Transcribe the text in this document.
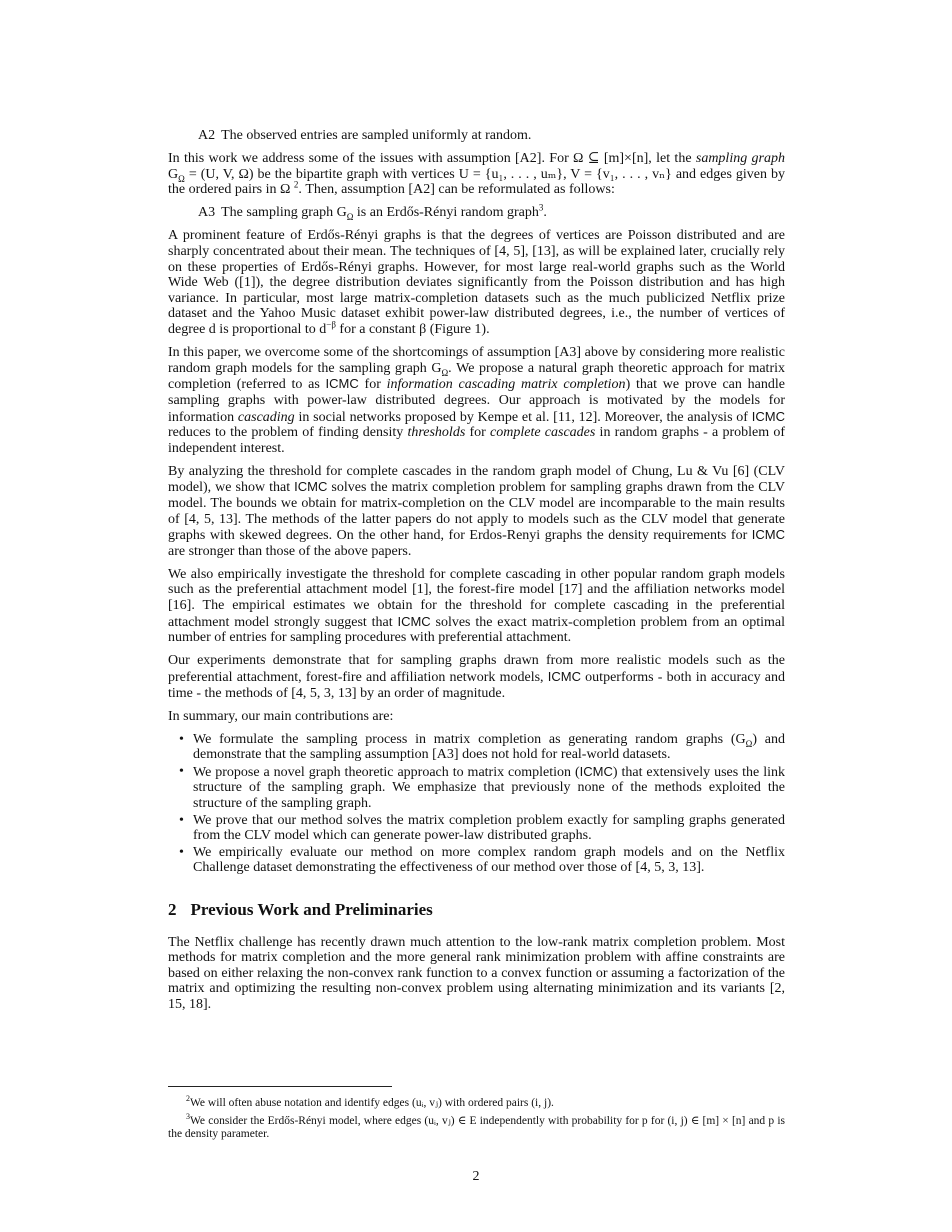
A2 The observed entries are sampled uniformly at random.

In this work we address some of the issues with assumption [A2]. For Ω ⊆ [m]×[n], let the sampling graph $G_\Omega = (U$, V, Ω) be the bipartite graph with vertices U = {u₁, . . . , uₘ}, V = {v₁, . . . , vₙ} and edges given by the ordered pairs in Ω $^2$. Then, assumption [A2] can be reformulated as follows:

A3 The sampling graph $G_\Omega$ is an Erdős-Rényi random graph$^3$.

A prominent feature of Erdős-Rényi graphs is that the degrees of vertices are Poisson distributed and are sharply concentrated about their mean. The techniques of [4, 5], [13], as will be explained later, crucially rely on these properties of Erdős-Rényi graphs. However, for most large real-world graphs such as the World Wide Web ([1]), the degree distribution deviates significantly from the Poisson distribution and has high variance. In particular, most large matrix-completion datasets such as the much publicized Netflix prize dataset and the Yahoo Music dataset exhibit power-law distributed degrees, i.e., the number of vertices of degree d is proportional to $d^{-\beta}$ for a constant β (Figure 1).

In this paper, we overcome some of the shortcomings of assumption [A3] above by considering more realistic random graph models for the sampling graph $G_\Omega$. We propose a natural graph theoretic approach for matrix completion (referred to as ICMC for information cascading matrix completion) that we prove can handle sampling graphs with power-law distributed degrees. Our approach is motivated by the models for information cascading in social networks proposed by Kempe et al. [11, 12]. Moreover, the analysis of ICMC reduces to the problem of finding density thresholds for complete cascades in random graphs - a problem of independent interest.

By analyzing the threshold for complete cascades in the random graph model of Chung, Lu & Vu [6] (CLV model), we show that ICMC solves the matrix completion problem for sampling graphs drawn from the CLV model. The bounds we obtain for matrix-completion on the CLV model are incomparable to the main results of [4, 5, 13]. The methods of the latter papers do not apply to models such as the CLV model that generate graphs with skewed degrees. On the other hand, for Erdos-Renyi graphs the density requirements for ICMC are stronger than those of the above papers.

We also empirically investigate the threshold for complete cascading in other popular random graph models such as the preferential attachment model [1], the forest-fire model [17] and the affiliation networks model [16]. The empirical estimates we obtain for the threshold for complete cascading in the preferential attachment model strongly suggest that ICMC solves the exact matrix-completion problem from an optimal number of entries for sampling procedures with preferential attachment.

Our experiments demonstrate that for sampling graphs drawn from more realistic models such as the preferential attachment, forest-fire and affiliation network models, ICMC outperforms - both in accuracy and time - the methods of [4, 5, 3, 13] by an order of magnitude.

In summary, our main contributions are:

• We formulate the sampling process in matrix completion as generating random graphs $(G_\Omega)$ and demonstrate that the sampling assumption [A3] does not hold for real-world datasets.
• We propose a novel graph theoretic approach to matrix completion (ICMC) that extensively uses the link structure of the sampling graph. We emphasize that previously none of the methods exploited the structure of the sampling graph.
• We prove that our method solves the matrix completion problem exactly for sampling graphs generated from the CLV model which can generate power-law distributed graphs.
• We empirically evaluate our method on more complex random graph models and on the Netflix Challenge dataset demonstrating the effectiveness of our method over those of [4, 5, 3, 13].
2 Previous Work and Preliminaries

The Netflix challenge has recently drawn much attention to the low-rank matrix completion problem. Most methods for matrix completion and the more general rank minimization problem with affine constraints are based on either relaxing the non-convex rank function to a convex function or assuming a factorization of the matrix and optimizing the resulting non-convex problem using alternating minimization and its variants [2, 15, 18].

$^2$We will often abuse notation and identify edges (uᵢ, vⱼ) with ordered pairs (i, j).
$^3$We consider the Erdős-Rényi model, where edges (uᵢ, vⱼ) ∈ E independently with probability for p for (i, j) ∈ [m] × [n] and p is the density parameter.
2
